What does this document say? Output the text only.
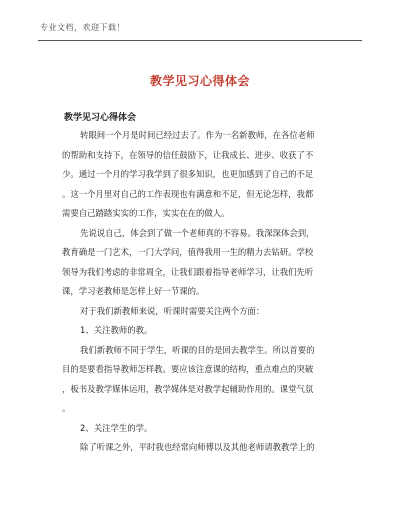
专业文档，欢迎下载！
教学见习心得体会
教学见习心得体会
转眼间一个月是时间已经过去了。作为一名新教师，在各位老师
的帮助和支持下，在领导的信任鼓励下，让我成长、进步、收获了不
少。通过一个月的学习我学到了很多知识，也更加感到了自己的不足
。这一个月里对自己的工作表现也有满意和不足，但无论怎样，我都
需要自己踏踏实实的工作，实实在在的做人。
先说说自己，体会到了做一个老师真的不容易。我深深体会到，
教育确是一门艺术，一门大学问，值得我用一生的精力去钻研。学校
领导为我们考虑的非常周全，让我们跟着指导老师学习，让我们先听
课，学习老教师是怎样上好一节课的。
对于我们新教师来说，听课时需要关注两个方面：
1、关注教师的教。
我们新教师不同于学生，听课的目的是回去教学生。所以首要的
目的是要看指导教师怎样教。要应该注意课的结构，重点难点的突破
，板书及教学媒体运用，教学媒体是对教学起辅助作用的。课堂气氛
。
2、关注学生的学。
除了听课之外，平时我也经常向师傅以及其他老师请教教学上的
